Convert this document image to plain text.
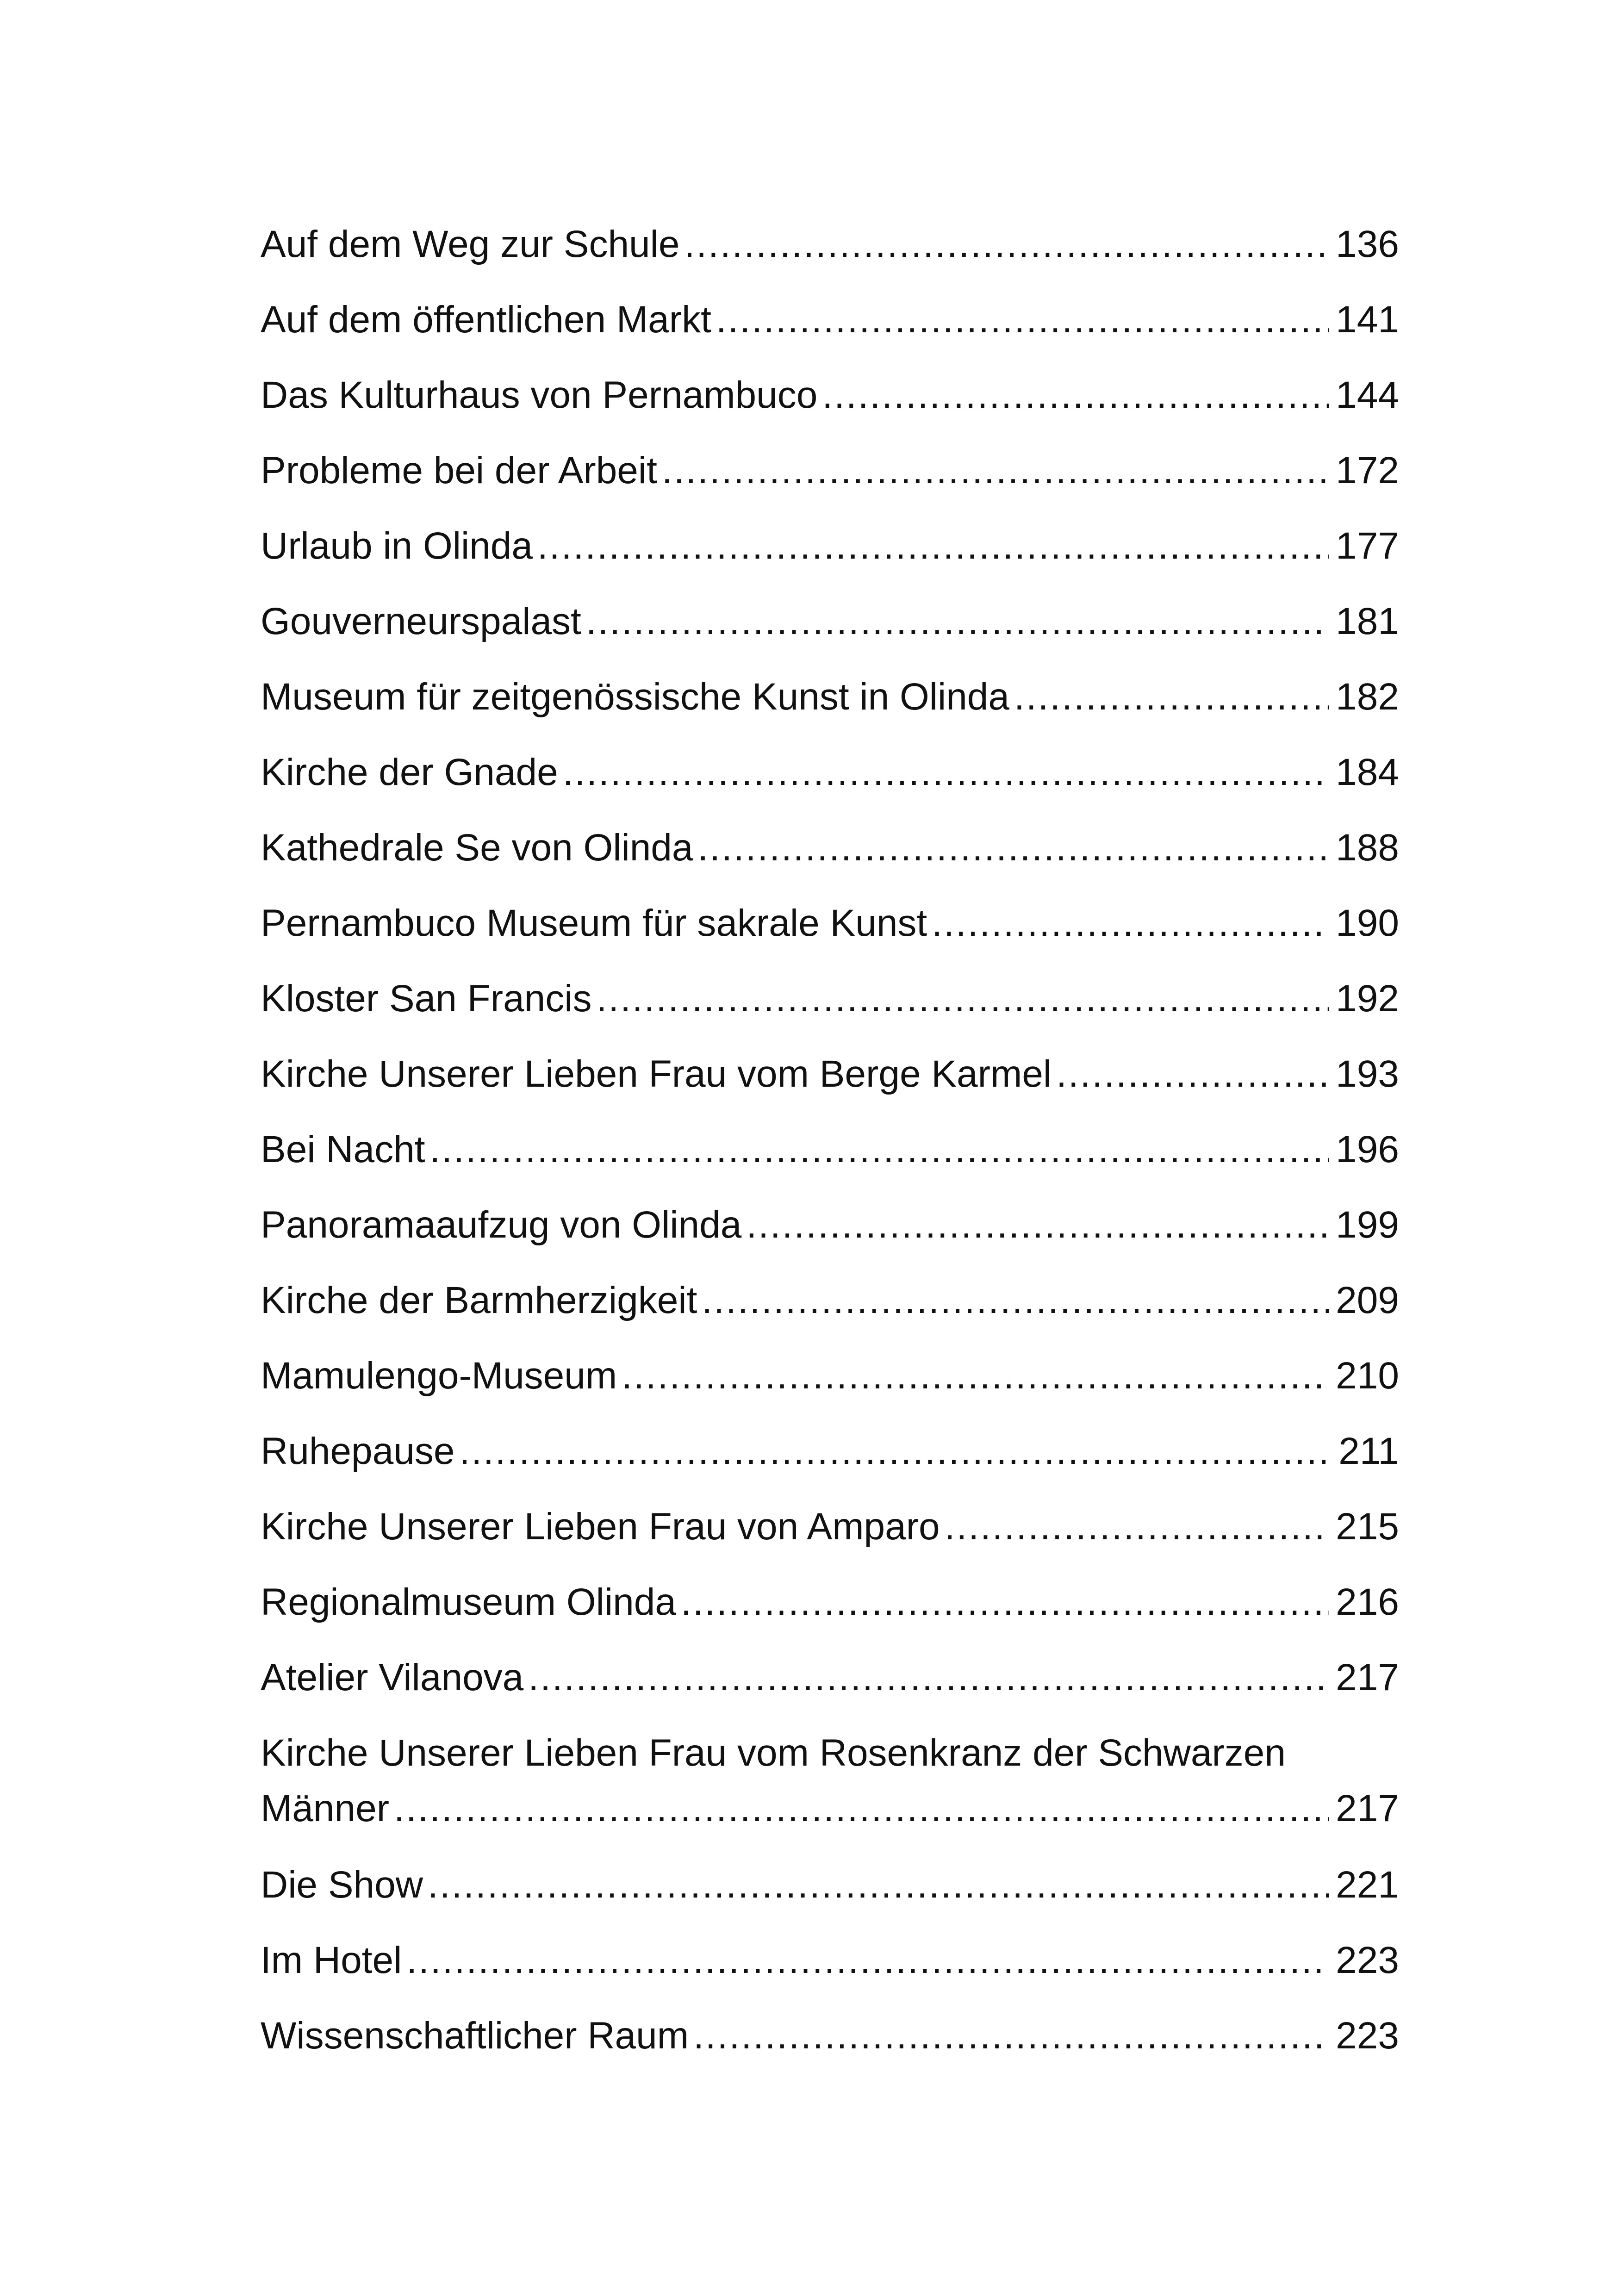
Auf dem Weg zur Schule .....	136
Auf dem öffentlichen Markt .....	141
Das Kulturhaus von Pernambuco .....	144
Probleme bei der Arbeit .....	172
Urlaub in Olinda .....	177
Gouverneurspalast .....	181
Museum für zeitgenössische Kunst in Olinda .....	182
Kirche der Gnade .....	184
Kathedrale Se von Olinda .....	188
Pernambuco Museum für sakrale Kunst .....	190
Kloster San Francis .....	192
Kirche Unserer Lieben Frau vom Berge Karmel .....	193
Bei Nacht .....	196
Panoramaaufzug von Olinda .....	199
Kirche der Barmherzigkeit .....	209
Mamulengo-Museum .....	210
Ruhepause .....	211
Kirche Unserer Lieben Frau von Amparo .....	215
Regionalmuseum Olinda .....	216
Atelier Vilanova .....	217
Kirche Unserer Lieben Frau vom Rosenkranz der Schwarzen
Männer .....	217
Die Show .....	221
Im Hotel .....	223
Wissenschaftlicher Raum .....	223
